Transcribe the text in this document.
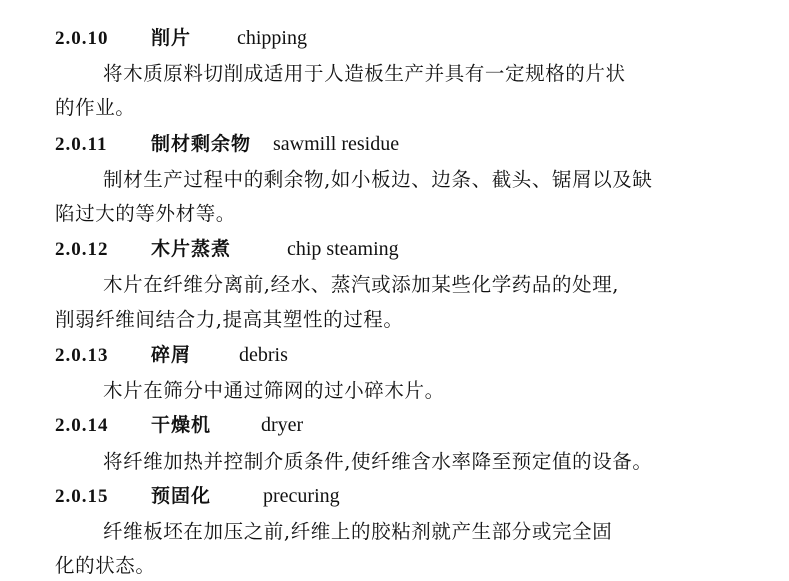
2.0.10 削片 chipping
将木质原料切削成适用于人造板生产并具有一定规格的片状
的作业。
2.0.11 制材剩余物 sawmill residue
制材生产过程中的剩余物,如小板边、边条、截头、锯屑以及缺
陷过大的等外材等。
2.0.12 木片蒸煮	chip steaming
木片在纤维分离前,经水、蒸汽或添加某些化学药品的处理,
削弱纤维间结合力,提高其塑性的过程。
2.0.13 碎屑 debris
木片在筛分中通过筛网的过小碎木片。
2.0.14 干燥机 dryer
将纤维加热并控制介质条件,使纤维含水率降至预定值的设备。
2.0.15 预固化	precuring
纤维板坯在加压之前,纤维上的胶粘剂就产生部分或完全固
化的状态。
